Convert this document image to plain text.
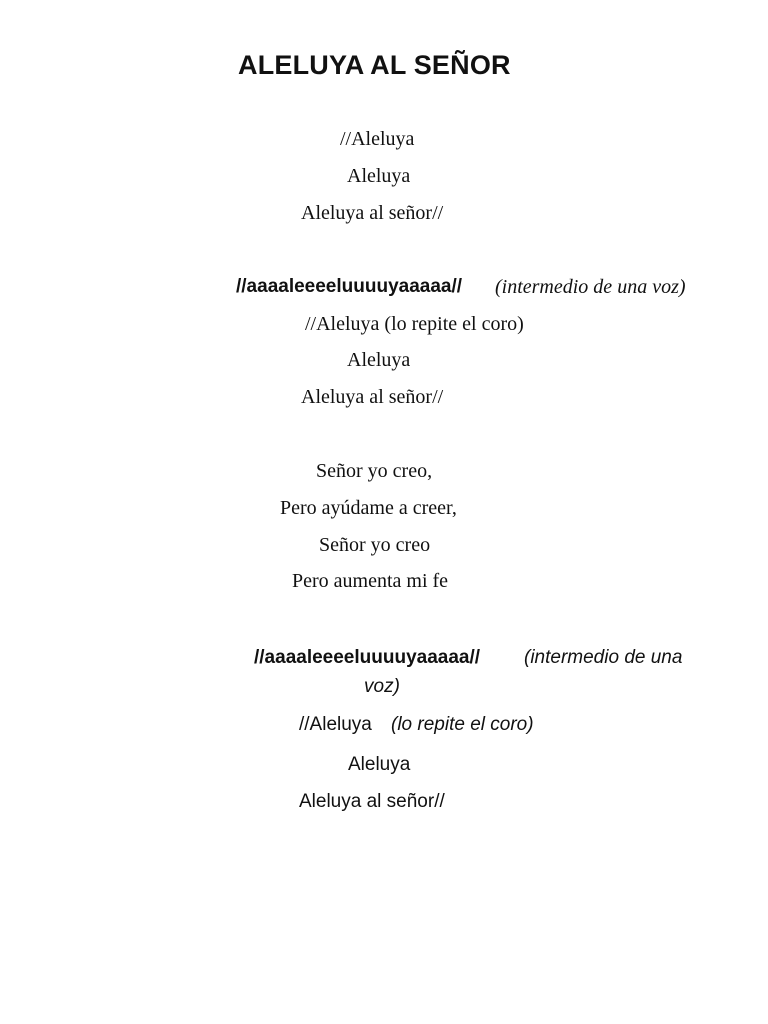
ALELUYA AL SEÑOR
//Aleluya
Aleluya
Aleluya al señor//
//aaaaleeeeluuuuyaaaaa// (intermedio de una voz)
//Aleluya (lo repite el coro)
Aleluya
Aleluya al señor//
Señor yo creo,
Pero ayúdame a creer,
Señor yo creo
Pero aumenta mi fe
//aaaaleeeeluuuuyaaaaa// (intermedio de una
voz)
//Aleluya (lo repite el coro)
Aleluya
Aleluya al señor//
